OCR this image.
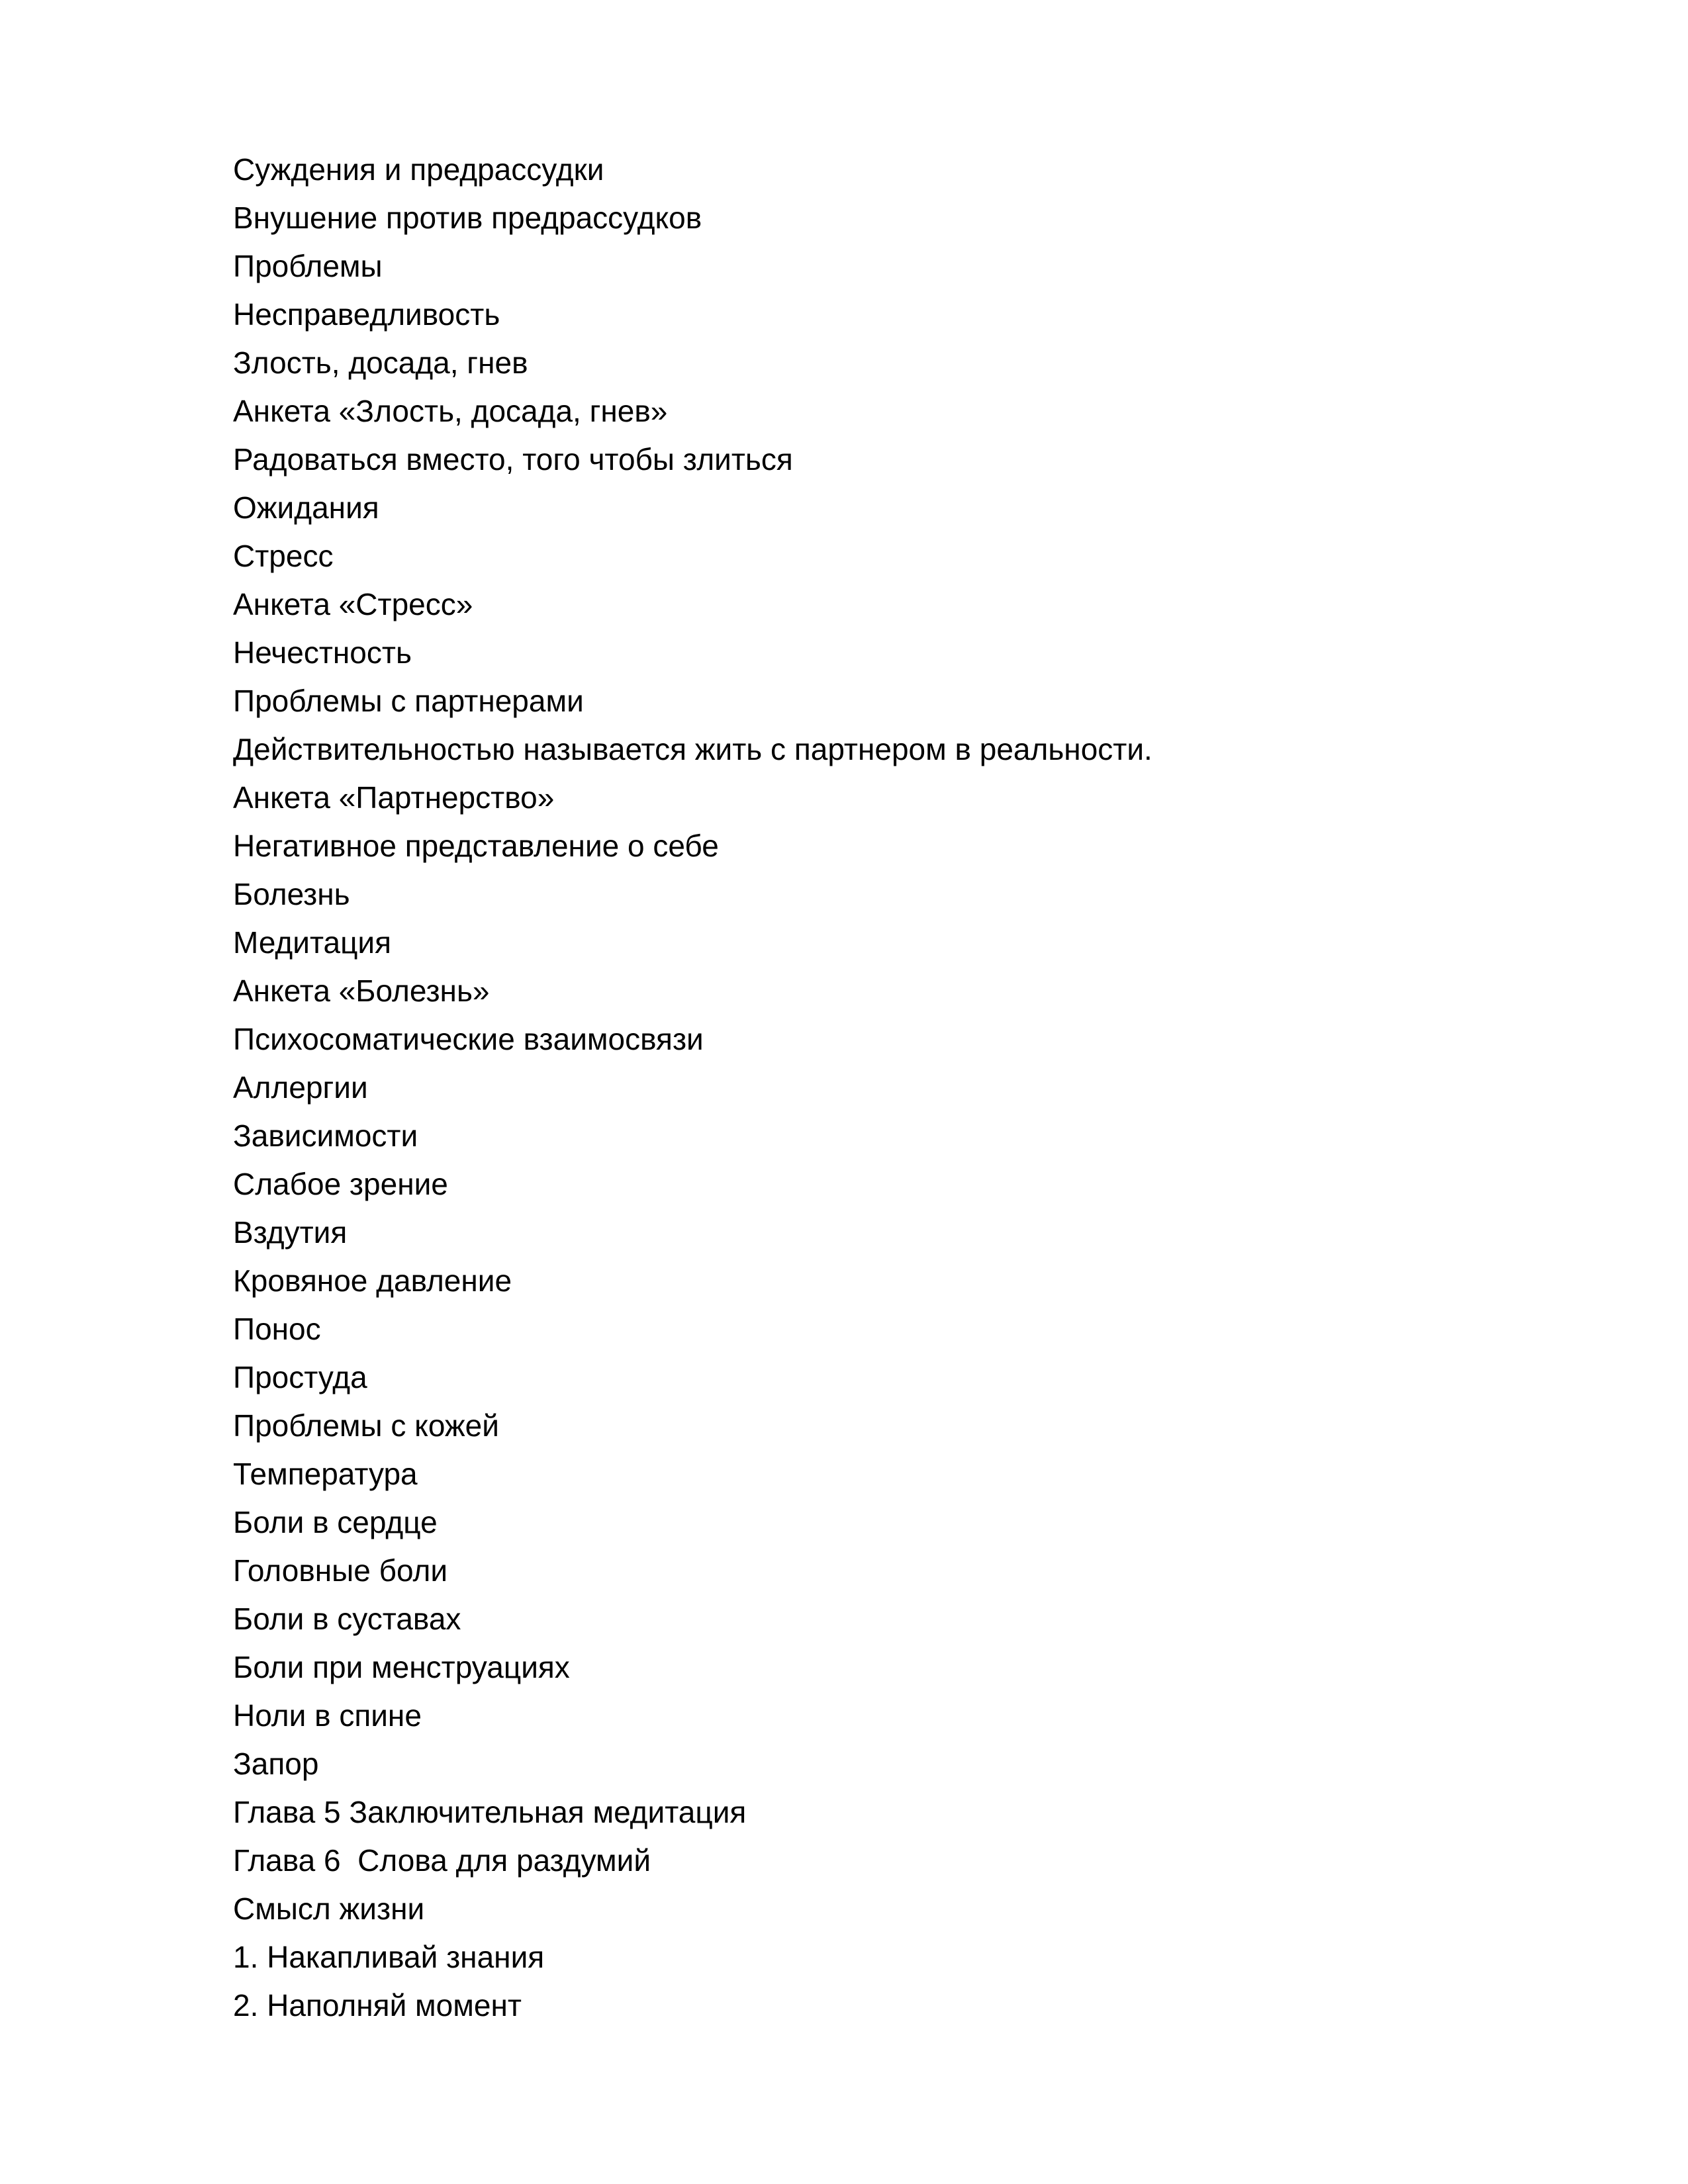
Суждения и предрассудки
Внушение против предрассудков
Проблемы
Несправедливость
Злость, досада, гнев
Анкета «Злость, досада, гнев»
Радоваться вместо, того чтобы злиться
Ожидания
Стресс
Анкета «Стресс»
Нечестность
Проблемы с партнерами
Действительностью называется жить с партнером в реальности.
Анкета «Партнерство»
Негативное представление о себе
Болезнь
Медитация
Анкета «Болезнь»
Психосоматические взаимосвязи
Аллергии
Зависимости
Слабое зрение
Вздутия
Кровяное давление
Понос
Простуда
Проблемы с кожей
Температура
Боли в сердце
Головные боли
Боли в суставах
Боли при менструациях
Ноли в спине
Запор
Глава 5 Заключительная медитация
Глава 6  Слова для раздумий
Смысл жизни
1. Накапливай знания
2. Наполняй момент
